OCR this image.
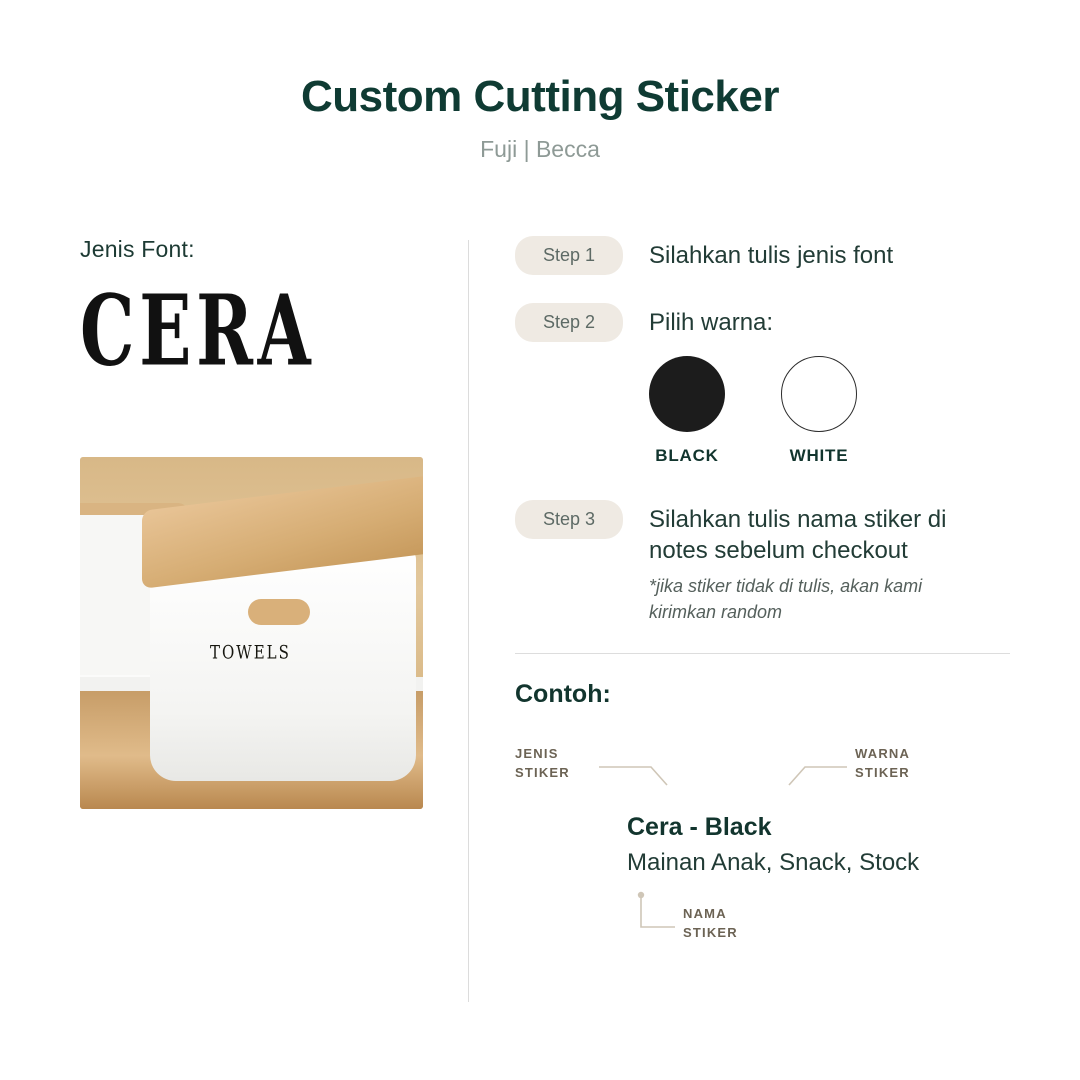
Custom Cutting Sticker
Fuji | Becca
Jenis Font:
CERA
TOWELS
Step 1	Silahkan tulis jenis font
Step 2	Pilih warna:
BLACK	WHITE
Step 3	Silahkan tulis nama stiker di notes sebelum checkout
*jika stiker tidak di tulis, akan kami kirimkan random
Contoh:
JENIS
STIKER
WARNA
STIKER
NAMA
STIKER
Cera - Black
Mainan Anak, Snack, Stock
